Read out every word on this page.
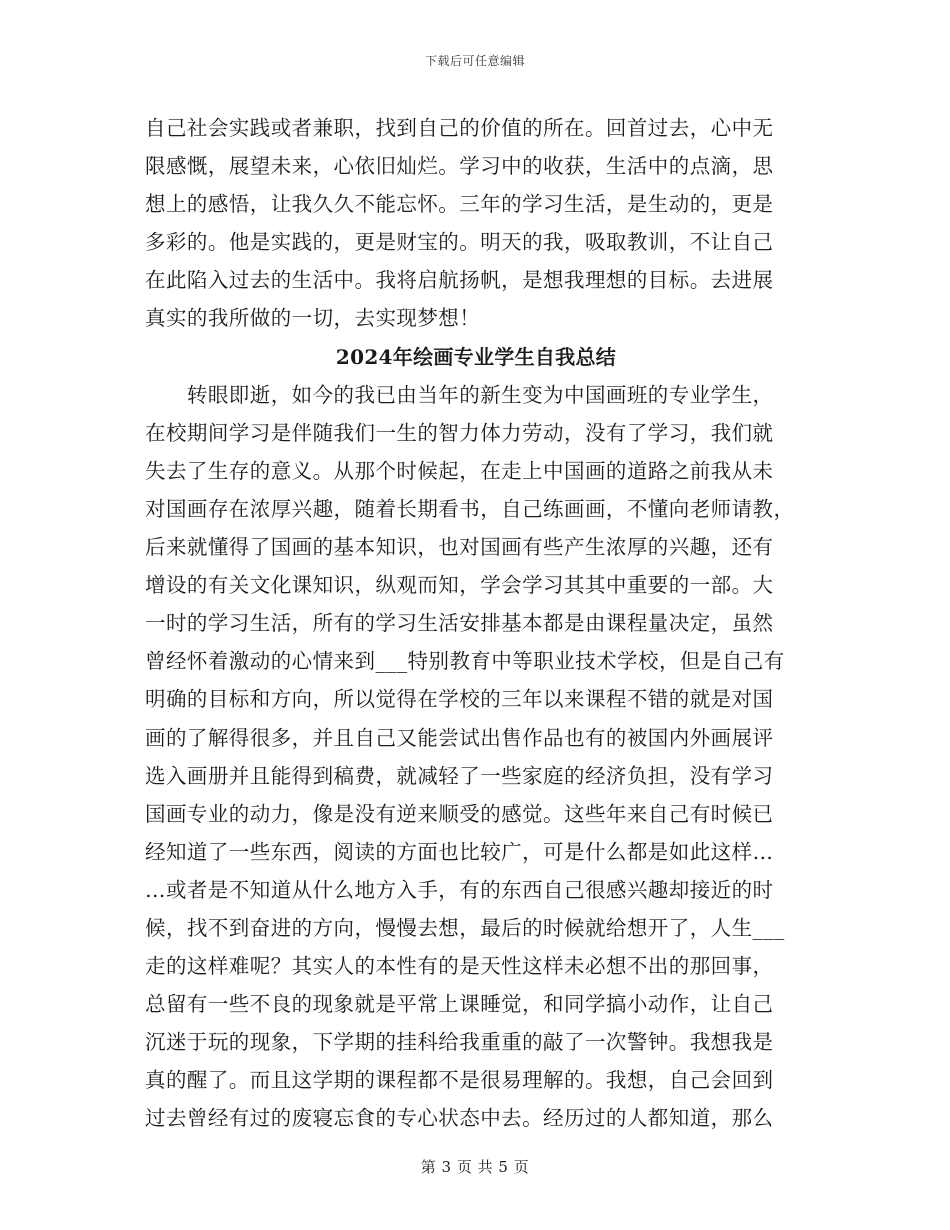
下载后可任意编辑
自己社会实践或者兼职，找到自己的价值的所在。回首过去，心中无
限感慨，展望未来，心依旧灿烂。学习中的收获，生活中的点滴，思
想上的感悟，让我久久不能忘怀。三年的学习生活，是生动的，更是
多彩的。他是实践的，更是财宝的。明天的我，吸取教训，不让自己
在此陷入过去的生活中。我将启航扬帆，是想我理想的目标。去进展
真实的我所做的一切，去实现梦想！
2024年绘画专业学生自我总结
　　转眼即逝，如今的我已由当年的新生变为中国画班的专业学生，
在校期间学习是伴随我们一生的智力体力劳动，没有了学习，我们就
失去了生存的意义。从那个时候起，在走上中国画的道路之前我从未
对国画存在浓厚兴趣，随着长期看书，自己练画画，不懂向老师请教，
后来就懂得了国画的基本知识，也对国画有些产生浓厚的兴趣，还有
增设的有关文化课知识，纵观而知，学会学习其其中重要的一部。大
一时的学习生活，所有的学习生活安排基本都是由课程量决定，虽然
曾经怀着激动的心情来到___特别教育中等职业技术学校，但是自己有
明确的目标和方向，所以觉得在学校的三年以来课程不错的就是对国
画的了解得很多，并且自己又能尝试出售作品也有的被国内外画展评
选入画册并且能得到稿费，就减轻了一些家庭的经济负担，没有学习
国画专业的动力，像是没有逆来顺受的感觉。这些年来自己有时候已
经知道了一些东西，阅读的方面也比较广，可是什么都是如此这样…
…或者是不知道从什么地方入手，有的东西自己很感兴趣却接近的时
候，找不到奋进的方向，慢慢去想，最后的时候就给想开了，人生___
走的这样难呢？其实人的本性有的是天性这样未必想不出的那回事，
总留有一些不良的现象就是平常上课睡觉，和同学搞小动作，让自己
沉迷于玩的现象，下学期的挂科给我重重的敲了一次警钟。我想我是
真的醒了。而且这学期的课程都不是很易理解的。我想，自己会回到
过去曾经有过的废寝忘食的专心状态中去。经历过的人都知道，那么
第 3 页 共 5 页
